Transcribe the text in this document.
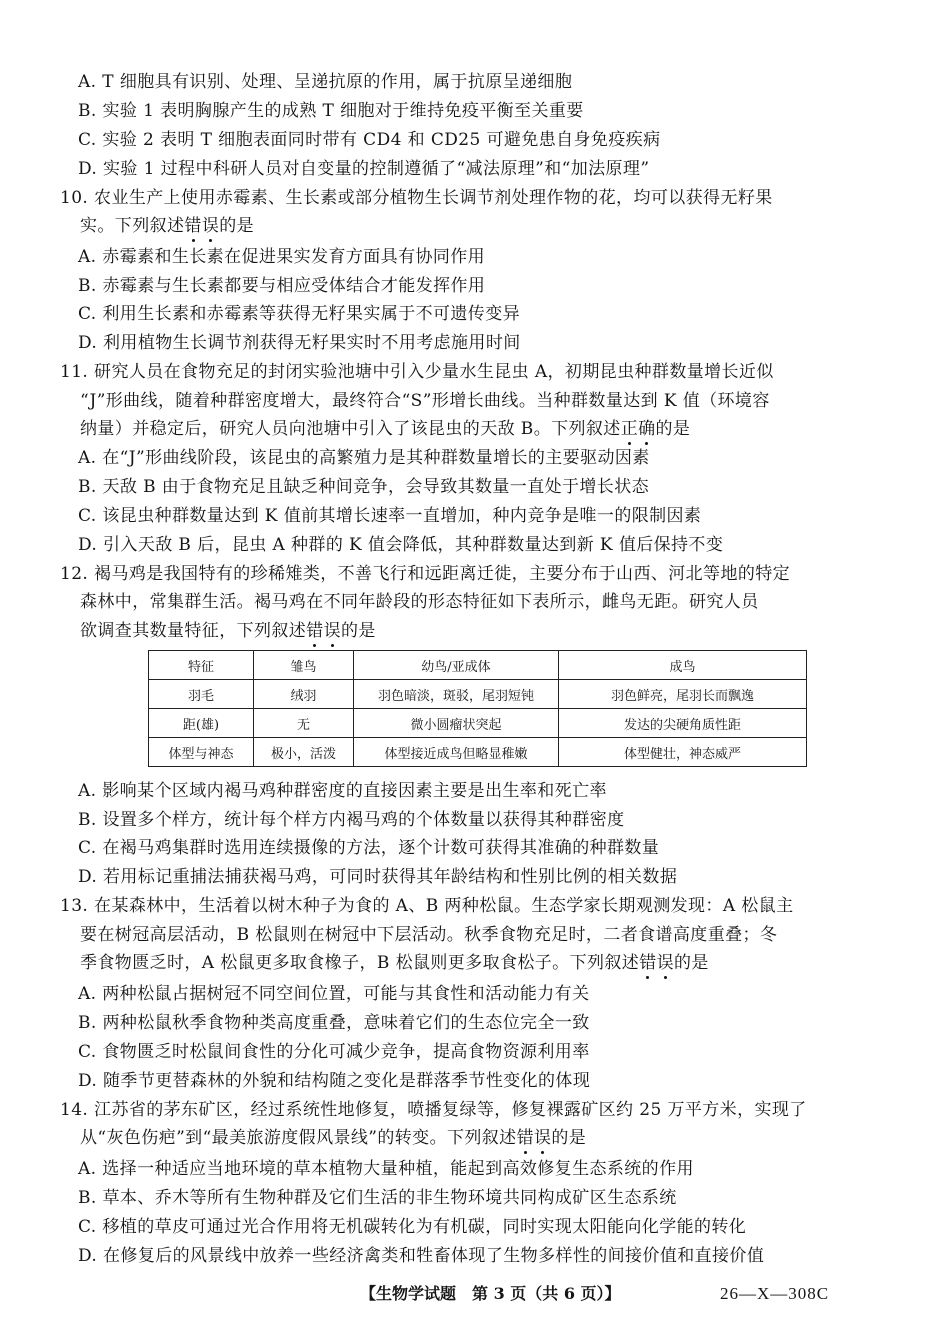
A. T 细胞具有识别、处理、呈递抗原的作用，属于抗原呈递细胞
B. 实验 1 表明胸腺产生的成熟 T 细胞对于维持免疫平衡至关重要
C. 实验 2 表明 T 细胞表面同时带有 CD4 和 CD25 可避免患自身免疫疾病
D. 实验 1 过程中科研人员对自变量的控制遵循了“减法原理”和“加法原理”
10. 农业生产上使用赤霉素、生长素或部分植物生长调节剂处理作物的花，均可以获得无籽果
实。下列叙述错误的是
A. 赤霉素和生长素在促进果实发育方面具有协同作用
B. 赤霉素与生长素都要与相应受体结合才能发挥作用
C. 利用生长素和赤霉素等获得无籽果实属于不可遗传变异
D. 利用植物生长调节剂获得无籽果实时不用考虑施用时间
11. 研究人员在食物充足的封闭实验池塘中引入少量水生昆虫 A，初期昆虫种群数量增长近似
“J”形曲线，随着种群密度增大，最终符合“S”形增长曲线。当种群数量达到 K 值（环境容
纳量）并稳定后，研究人员向池塘中引入了该昆虫的天敌 B。下列叙述正确的是
A. 在“J”形曲线阶段，该昆虫的高繁殖力是其种群数量增长的主要驱动因素
B. 天敌 B 由于食物充足且缺乏种间竞争，会导致其数量一直处于增长状态
C. 该昆虫种群数量达到 K 值前其增长速率一直增加，种内竞争是唯一的限制因素
D. 引入天敌 B 后，昆虫 A 种群的 K 值会降低，其种群数量达到新 K 值后保持不变
12. 褐马鸡是我国特有的珍稀雉类，不善飞行和远距离迁徙，主要分布于山西、河北等地的特定
森林中，常集群生活。褐马鸡在不同年龄段的形态特征如下表所示，雌鸟无距。研究人员
欲调查其数量特征，下列叙述错误的是
特征	雏鸟	幼鸟/亚成体	成鸟
羽毛	绒羽	羽色暗淡，斑驳，尾羽短钝	羽色鲜亮，尾羽长而飘逸
距(雄)	无	微小圆瘤状突起	发达的尖硬角质性距
体型与神态	极小，活泼	体型接近成鸟但略显稚嫩	体型健壮，神态威严
A. 影响某个区域内褐马鸡种群密度的直接因素主要是出生率和死亡率
B. 设置多个样方，统计每个样方内褐马鸡的个体数量以获得其种群密度
C. 在褐马鸡集群时选用连续摄像的方法，逐个计数可获得其准确的种群数量
D. 若用标记重捕法捕获褐马鸡，可同时获得其年龄结构和性别比例的相关数据
13. 在某森林中，生活着以树木种子为食的 A、B 两种松鼠。生态学家长期观测发现：A 松鼠主
要在树冠高层活动，B 松鼠则在树冠中下层活动。秋季食物充足时，二者食谱高度重叠；冬
季食物匮乏时，A 松鼠更多取食橡子，B 松鼠则更多取食松子。下列叙述错误的是
A. 两种松鼠占据树冠不同空间位置，可能与其食性和活动能力有关
B. 两种松鼠秋季食物种类高度重叠，意味着它们的生态位完全一致
C. 食物匮乏时松鼠间食性的分化可减少竞争，提高食物资源利用率
D. 随季节更替森林的外貌和结构随之变化是群落季节性变化的体现
14. 江苏省的茅东矿区，经过系统性地修复，喷播复绿等，修复裸露矿区约 25 万平方米，实现了
从“灰色伤疤”到“最美旅游度假风景线”的转变。下列叙述错误的是
A. 选择一种适应当地环境的草本植物大量种植，能起到高效修复生态系统的作用
B. 草本、乔木等所有生物种群及它们生活的非生物环境共同构成矿区生态系统
C. 移植的草皮可通过光合作用将无机碳转化为有机碳，同时实现太阳能向化学能的转化
D. 在修复后的风景线中放养一些经济禽类和牲畜体现了生物多样性的间接价值和直接价值
【生物学试题　第 3 页（共 6 页）】	26—X—308C
